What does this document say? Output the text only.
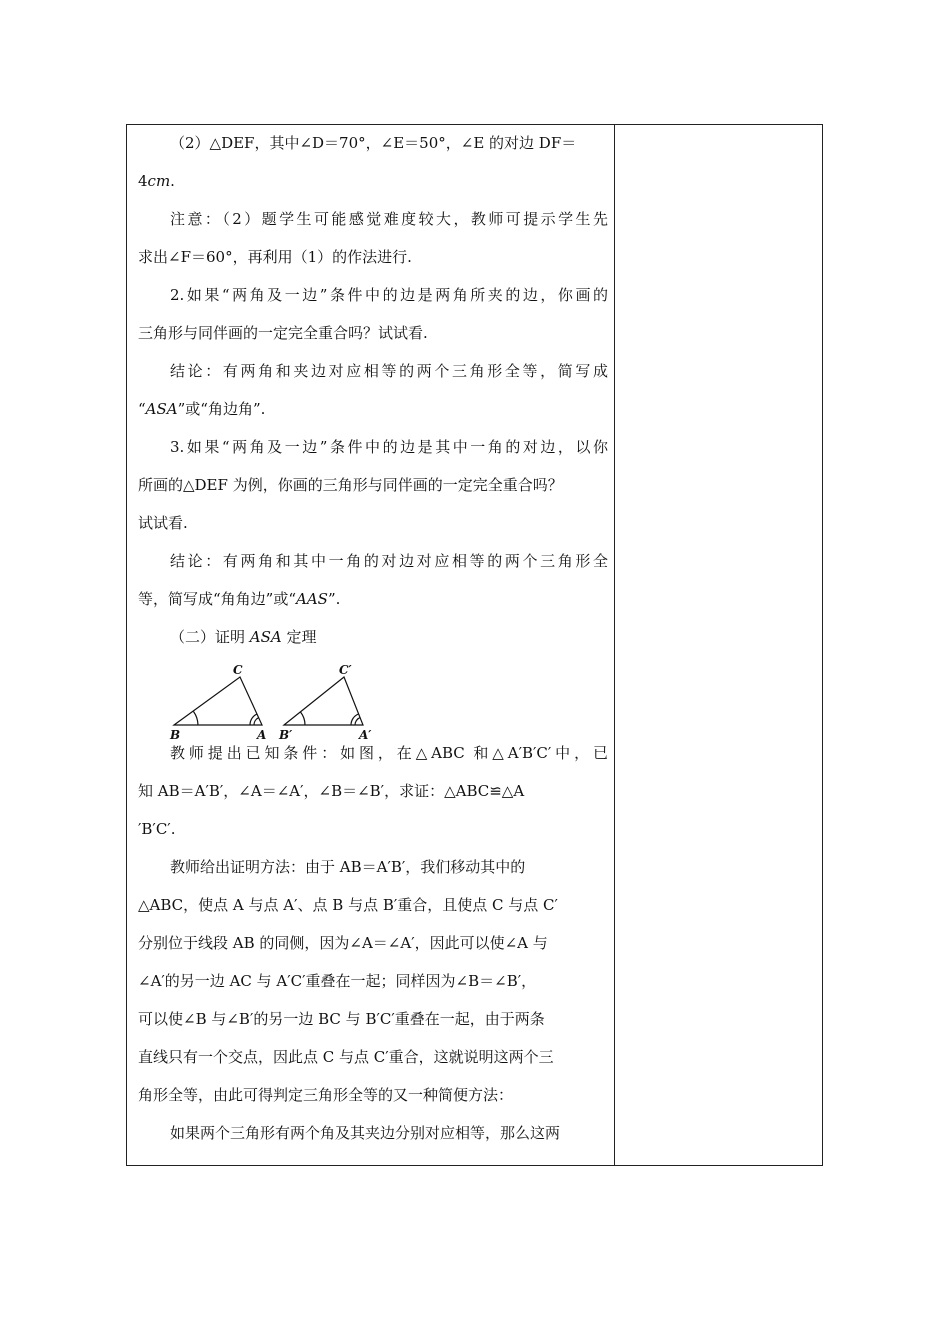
（2）△DEF，其中∠D＝70°，∠E＝50°，∠E 的对边 DF＝
4cm.
注意：（2）题学生可能感觉难度较大，教师可提示学生先
求出∠F＝60°，再利用（1）的作法进行.
2.如果“两角及一边”条件中的边是两角所夹的边，你画的
三角形与同伴画的一定完全重合吗？试试看.
结论：有两角和夹边对应相等的两个三角形全等，简写成
“ASA”或“角边角”.
3.如果“两角及一边”条件中的边是其中一角的对边，以你
所画的△DEF 为例，你画的三角形与同伴画的一定完全重合吗？
试试看.
结论：有两角和其中一角的对边对应相等的两个三角形全
等，简写成“角角边”或“AAS”.
（二）证明 ASA 定理
教师提出已知条件：如图，在△ABC 和△A′B′C′中，已
知 AB＝A′B′，∠A＝∠A′，∠B＝∠B′，求证：△ABC≌△A
′B′C′.
教师给出证明方法：由于 AB＝A′B′，我们移动其中的
△ABC，使点 A 与点 A′、点 B 与点 B′重合，且使点 C 与点 C′
分别位于线段 AB 的同侧，因为∠A＝∠A′，因此可以使∠A 与
∠A′的另一边 AC 与 A′C′重叠在一起；同样因为∠B＝∠B′，
可以使∠B 与∠B′的另一边 BC 与 B′C′重叠在一起，由于两条
直线只有一个交点，因此点 C 与点 C′重合，这就说明这两个三
角形全等，由此可得判定三角形全等的又一种简便方法：
如果两个三角形有两个角及其夹边分别对应相等，那么这两
C
B	A
C′
B′	A′
